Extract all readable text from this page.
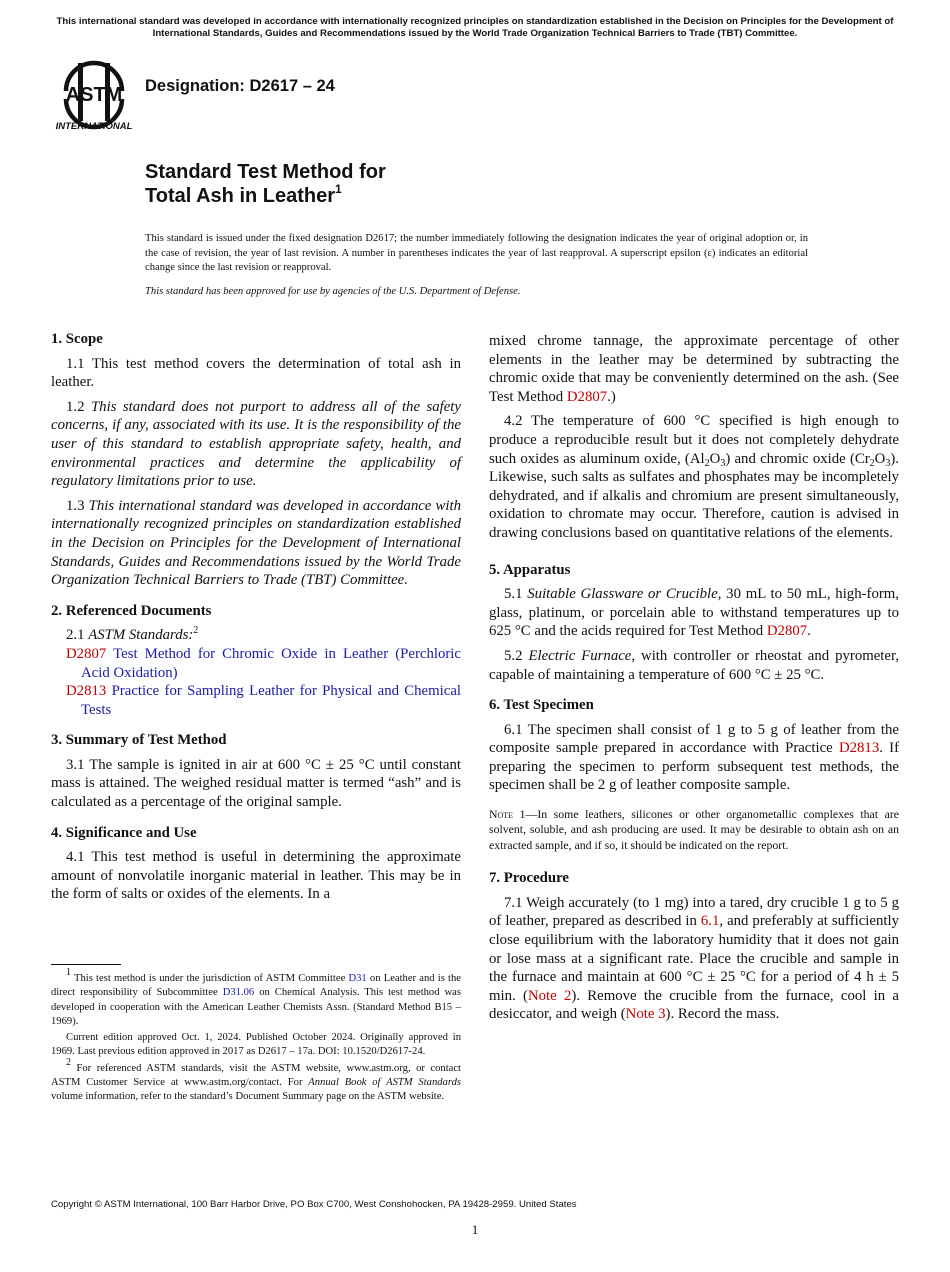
This international standard was developed in accordance with internationally recognized principles on standardization established in the Decision on Principles for the Development of International Standards, Guides and Recommendations issued by the World Trade Organization Technical Barriers to Trade (TBT) Committee.
ASTM
INTERNATIONAL
Designation: D2617 – 24
Standard Test Method for
Total Ash in Leather$^1$
This standard is issued under the fixed designation D2617; the number immediately following the designation indicates the year of original adoption or, in the case of revision, the year of last revision. A number in parentheses indicates the year of last reapproval. A superscript epsilon (ε) indicates an editorial change since the last revision or reapproval.
This standard has been approved for use by agencies of the U.S. Department of Defense.
1. Scope

1.1 This test method covers the determination of total ash in leather.

1.2 This standard does not purport to address all of the safety concerns, if any, associated with its use. It is the responsibility of the user of this standard to establish appropriate safety, health, and environmental practices and determine the applicability of regulatory limitations prior to use.

1.3 This international standard was developed in accordance with internationally recognized principles on standardization established in the Decision on Principles for the Development of International Standards, Guides and Recommendations issued by the World Trade Organization Technical Barriers to Trade (TBT) Committee.

2. Referenced Documents

2.1 ASTM Standards:$^2$

D2807 Test Method for Chromic Oxide in Leather (Perchloric Acid Oxidation)

D2813 Practice for Sampling Leather for Physical and Chemical Tests

3. Summary of Test Method

3.1 The sample is ignited in air at 600 °C ± 25 °C until constant mass is attained. The weighed residual matter is termed “ash” and is calculated as a percentage of the original sample.

4. Significance and Use

4.1 This test method is useful in determining the approximate amount of nonvolatile inorganic material in leather. This may be in the form of salts or oxides of the elements. In a

$^1$ This test method is under the jurisdiction of ASTM Committee D31 on Leather and is the direct responsibility of Subcommittee D31.06 on Chemical Analysis. This test method was developed in cooperation with the American Leather Chemists Assn. (Standard Method B15 – 1969).

Current edition approved Oct. 1, 2024. Published October 2024. Originally approved in 1969. Last previous edition approved in 2017 as D2617 – 17a. DOI: 10.1520/D2617-24.

$^2$ For referenced ASTM standards, visit the ASTM website, www.astm.org, or contact ASTM Customer Service at www.astm.org/contact. For Annual Book of ASTM Standards volume information, refer to the standard’s Document Summary page on the ASTM website.

mixed chrome tannage, the approximate percentage of other elements in the leather may be determined by subtracting the chromic oxide that may be conveniently determined on the ash. (See Test Method D2807.)

4.2 The temperature of 600 °C specified is high enough to produce a reproducible result but it does not completely dehydrate such oxides as aluminum oxide, $(Al_2O_3)$ and chromic oxide $(Cr_2O_3)$. Likewise, such salts as sulfates and phosphates may be incompletely dehydrated, and if alkalis and chromium are present simultaneously, oxidation to chromate may occur. Therefore, caution is advised in drawing conclusions based on quantitative relations of the elements.

5. Apparatus

5.1 Suitable Glassware or Crucible, 30 mL to 50 mL, high-form, glass, platinum, or porcelain able to withstand temperatures up to 625 °C and the acids required for Test Method D2807.

5.2 Electric Furnace, with controller or rheostat and pyrometer, capable of maintaining a temperature of 600 °C ± 25 °C.

6. Test Specimen

6.1 The specimen shall consist of 1 g to 5 g of leather from the composite sample prepared in accordance with Practice D2813. If preparing the specimen to perform subsequent test methods, the specimen shall be 2 g of leather composite sample.

Note 1—In some leathers, silicones or other organometallic complexes that are solvent, soluble, and ash producing are used. It may be desirable to obtain ash on an extracted sample, and if so, it should be indicated on the report.

7. Procedure

7.1 Weigh accurately (to 1 mg) into a tared, dry crucible 1 g to 5 g of leather, prepared as described in 6.1, and preferably at sufficiently close equilibrium with the laboratory humidity that it does not gain or lose mass at a significant rate. Place the crucible and sample in the furnace and maintain at 600 °C ± 25 °C for a period of 4 h ± 5 min. (Note 2). Remove the crucible from the furnace, cool in a desiccator, and weigh (Note 3). Record the mass.

Copyright © ASTM International, 100 Barr Harbor Drive, PO Box C700, West Conshohocken, PA 19428-2959. United States
1
